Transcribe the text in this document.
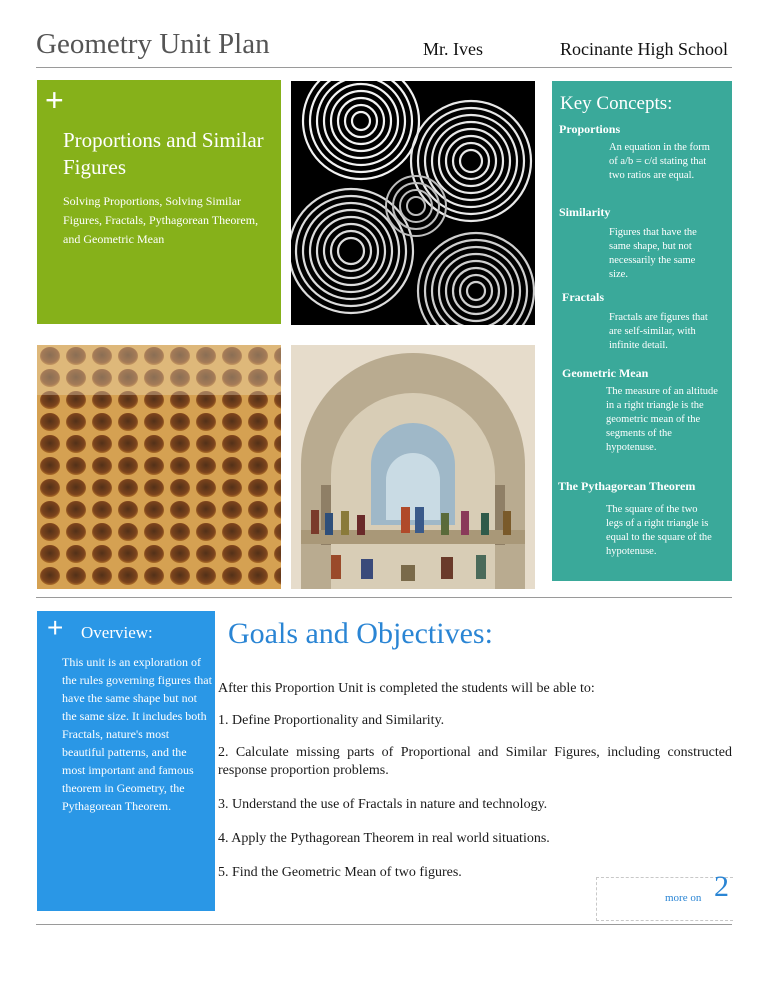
Geometry Unit Plan	Mr. Ives	Rocinante High School
+
Proportions and Similar Figures
Solving Proportions, Solving Similar Figures, Fractals, Pythagorean Theorem, and Geometric Mean
Key Concepts:
Proportions
An equation in the form of a/b = c/d stating that two ratios are equal.
Similarity
Figures that have the same shape, but not necessarily the same size.
Fractals
Fractals are figures that are self-similar, with infinite detail.
Geometric Mean
The measure of an altitude in a right triangle is the geometric mean of the segments of the hypotenuse.
The Pythagorean Theorem
The square of the two legs of a right triangle is equal to the square of the hypotenuse.
+ Overview:
This unit is an exploration of the rules governing figures that have the same shape but not the same size. It includes both Fractals, nature's most beautiful patterns, and the most important and famous theorem in Geometry, the Pythagorean Theorem.
Goals and Objectives:
After this Proportion Unit is completed the students will be able to:
1. Define Proportionality and Similarity.
2. Calculate missing parts of Proportional and Similar Figures, including constructed response proportion problems.
3. Understand the use of Fractals in nature and technology.
4. Apply the Pythagorean Theorem in real world situations.
5. Find the Geometric Mean of two figures.
more on 2
